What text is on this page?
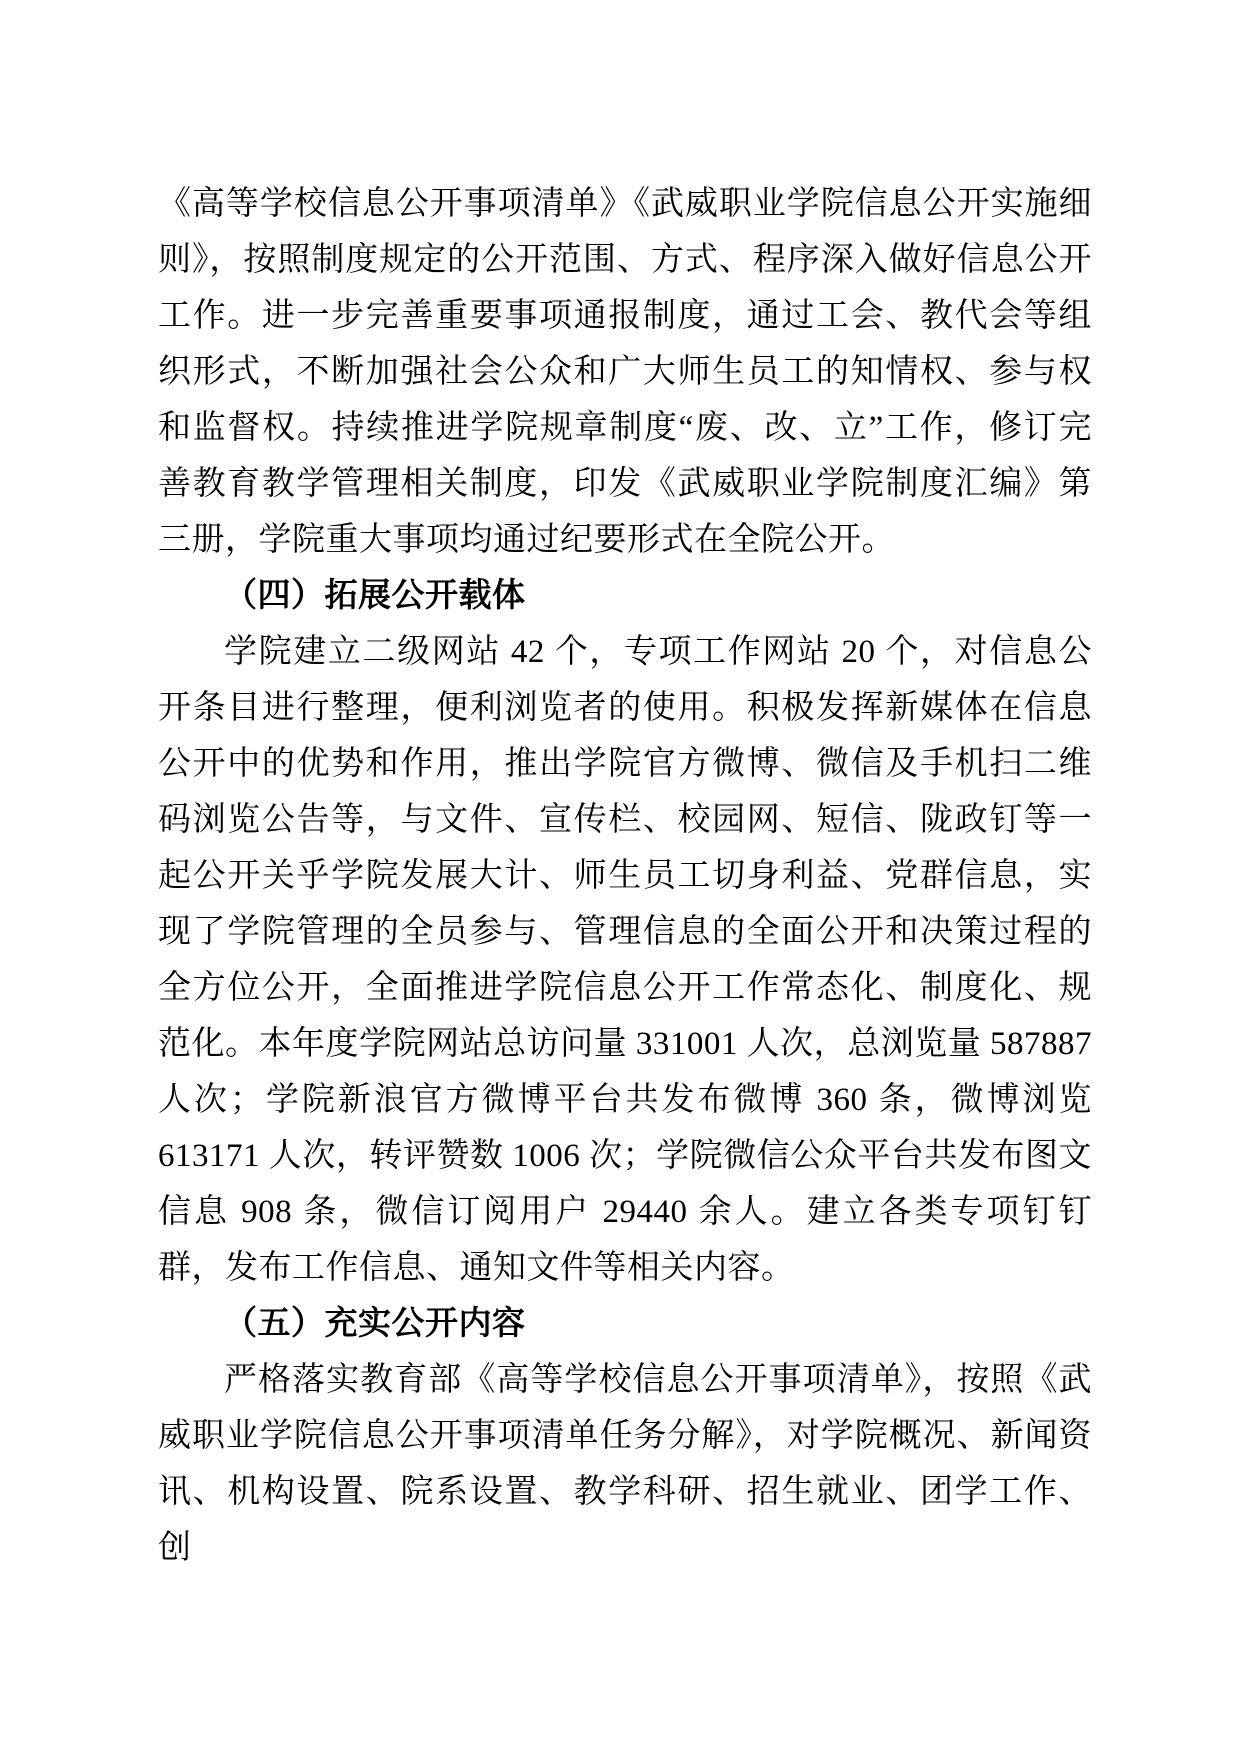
《高等学校信息公开事项清单》《武威职业学院信息公开实施细则》，按照制度规定的公开范围、方式、程序深入做好信息公开工作。进一步完善重要事项通报制度，通过工会、教代会等组织形式，不断加强社会公众和广大师生员工的知情权、参与权和监督权。持续推进学院规章制度“废、改、立”工作，修订完善教育教学管理相关制度，印发《武威职业学院制度汇编》第三册，学院重大事项均通过纪要形式在全院公开。

（四）拓展公开载体

学院建立二级网站 42 个，专项工作网站 20 个，对信息公开条目进行整理，便利浏览者的使用。积极发挥新媒体在信息公开中的优势和作用，推出学院官方微博、微信及手机扫二维码浏览公告等，与文件、宣传栏、校园网、短信、陇政钉等一起公开关乎学院发展大计、师生员工切身利益、党群信息，实现了学院管理的全员参与、管理信息的全面公开和决策过程的全方位公开，全面推进学院信息公开工作常态化、制度化、规范化。本年度学院网站总访问量 331001 人次，总浏览量 587887 人次；学院新浪官方微博平台共发布微博 360 条，微博浏览 613171 人次，转评赞数 1006 次；学院微信公众平台共发布图文信息 908 条，微信订阅用户 29440 余人。建立各类专项钉钉群，发布工作信息、通知文件等相关内容。

（五）充实公开内容

严格落实教育部《高等学校信息公开事项清单》，按照《武威职业学院信息公开事项清单任务分解》，对学院概况、新闻资讯、机构设置、院系设置、教学科研、招生就业、团学工作、创
